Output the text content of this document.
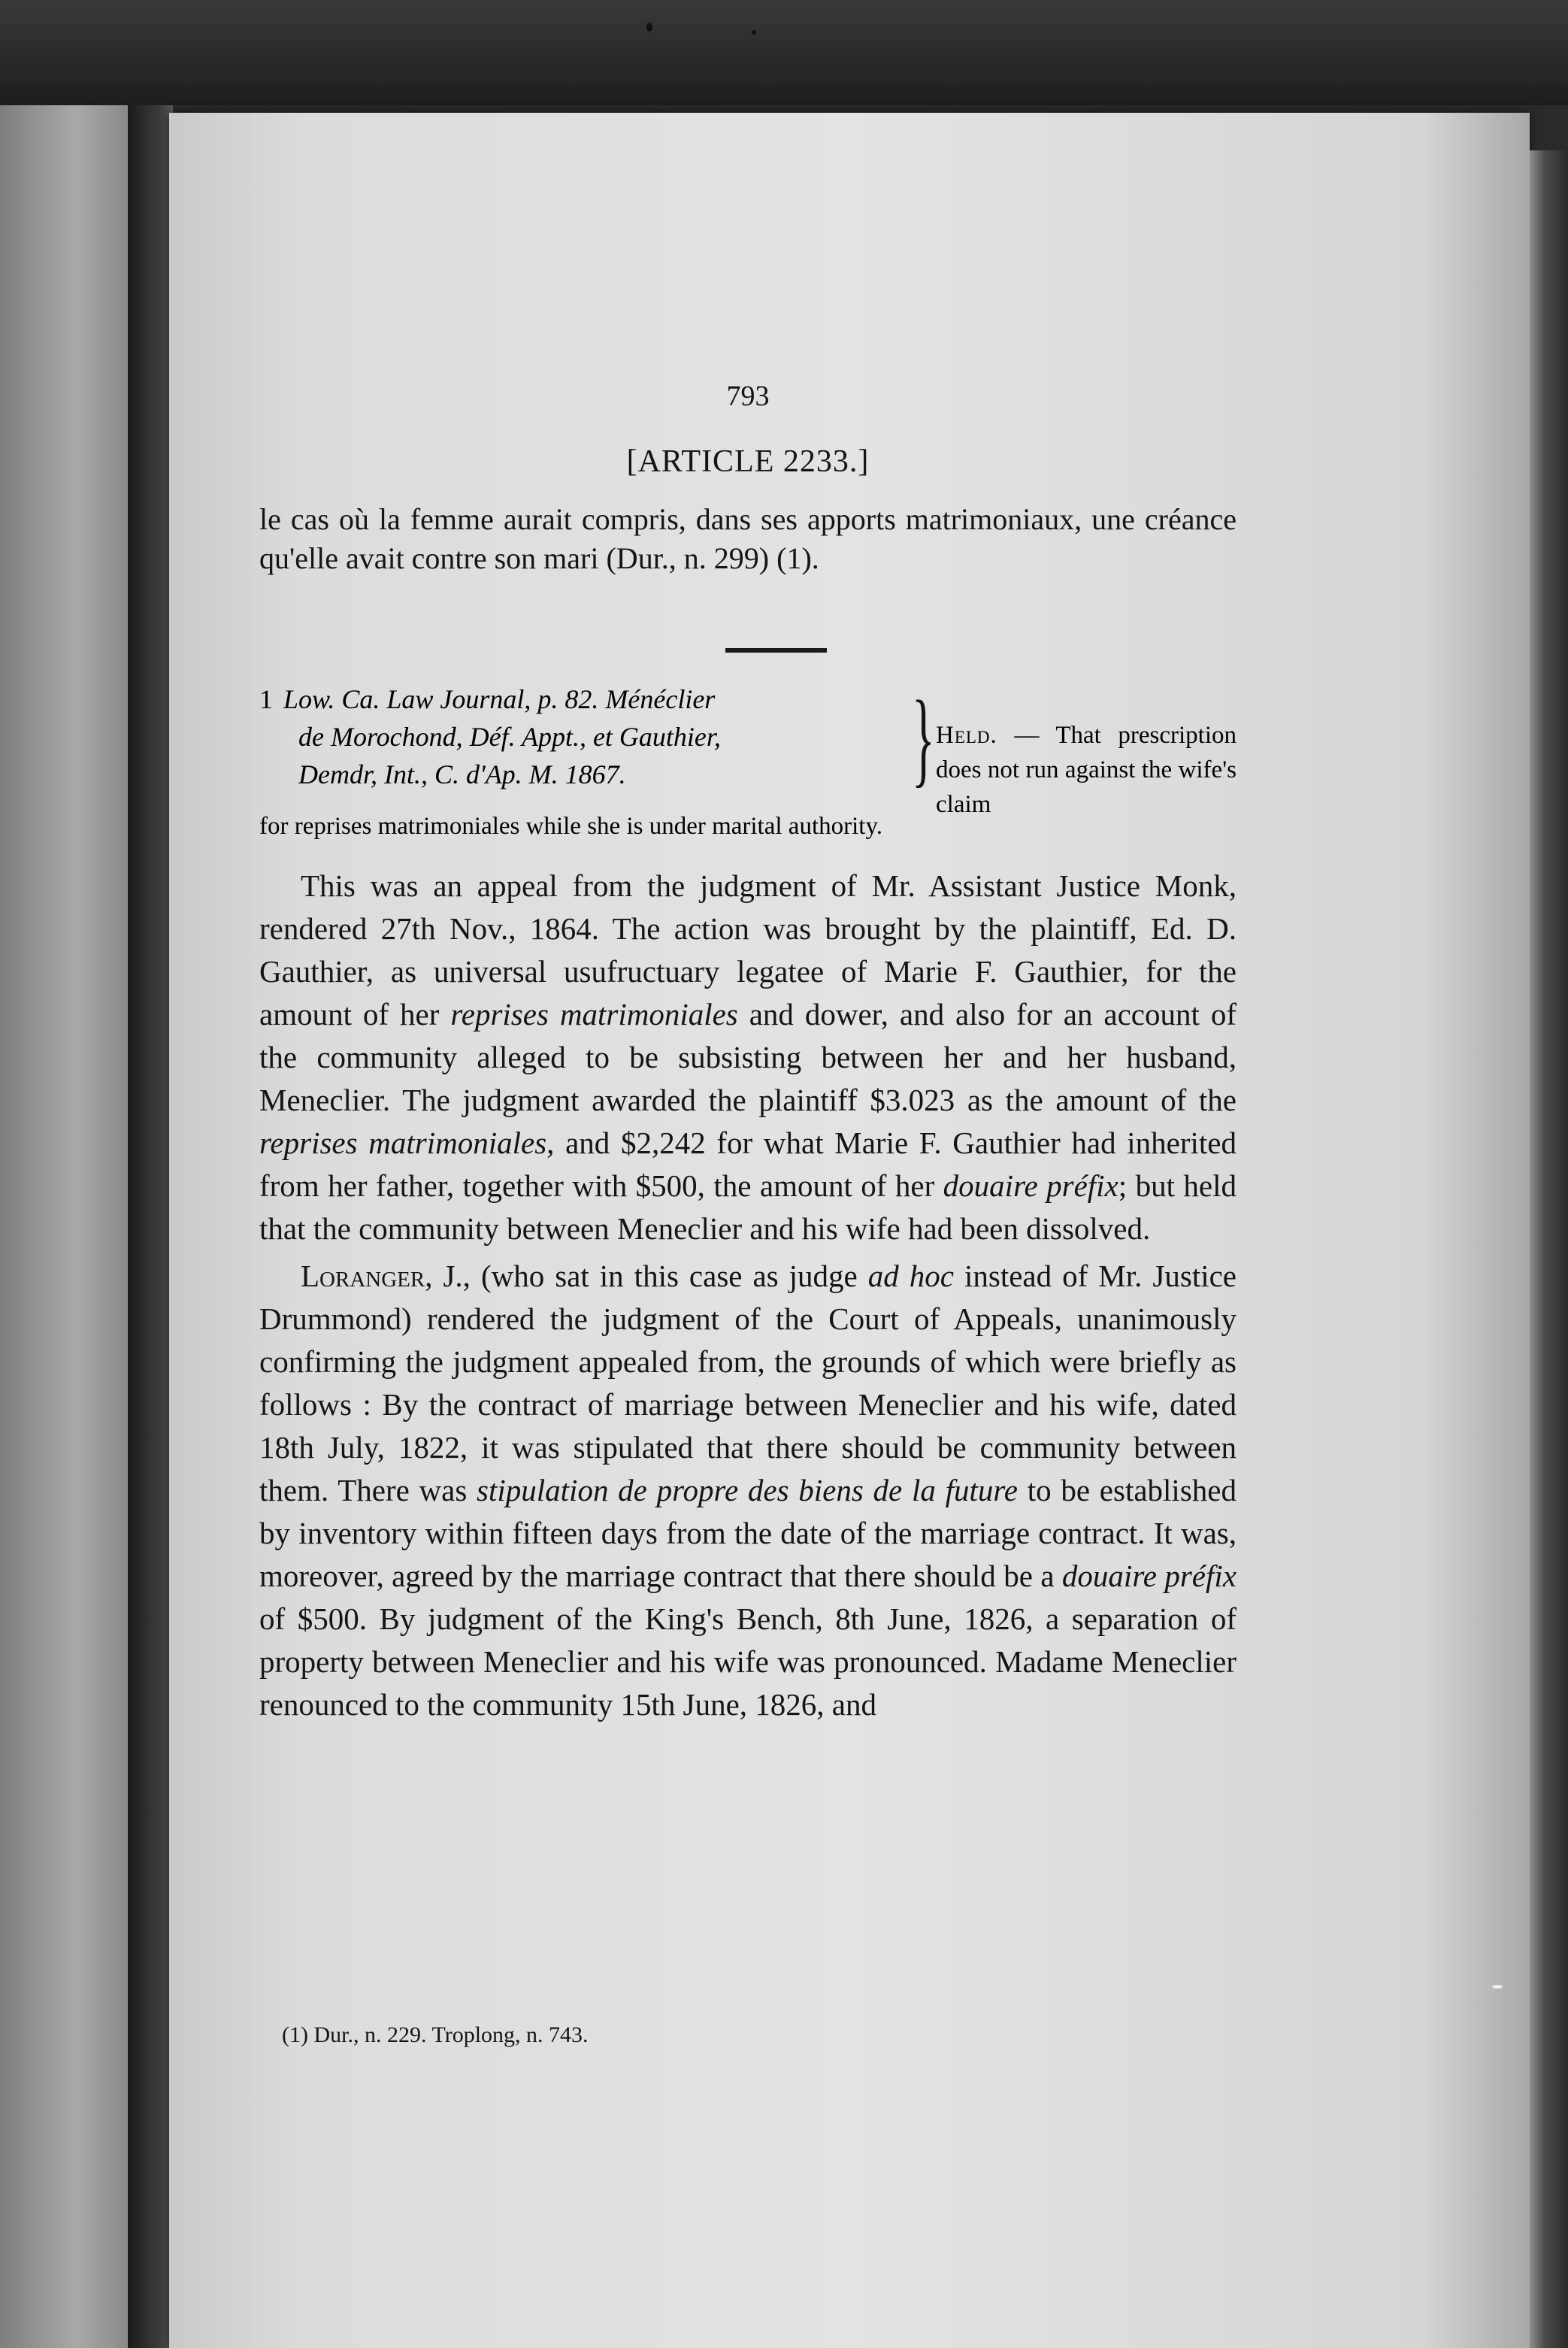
793
[ARTICLE 2233.]
le cas où la femme aurait compris, dans ses apports matrimoniaux, une créance qu'elle avait contre son mari (Dur., n. 299) (1).
1 Low. Ca. Law Journal, p. 82. Ménéclier
de Morochond, Déf. Appt., et Gauthier,
Demdr, Int., C. d'Ap. M. 1867.	} Held. — That prescription does not run against the wife's claim
for reprises matrimoniales while she is under marital authority.

This was an appeal from the judgment of Mr. Assistant Justice Monk, rendered 27th Nov., 1864. The action was brought by the plaintiff, Ed. D. Gauthier, as universal usufructuary legatee of Marie F. Gauthier, for the amount of her reprises matrimoniales and dower, and also for an account of the community alleged to be subsisting between her and her husband, Meneclier. The judgment awarded the plaintiff $3.023 as the amount of the reprises matrimoniales, and $2,242 for what Marie F. Gauthier had inherited from her father, together with $500, the amount of her douaire préfix; but held that the community between Meneclier and his wife had been dissolved.

Loranger, J., (who sat in this case as judge ad hoc instead of Mr. Justice Drummond) rendered the judgment of the Court of Appeals, unanimously confirming the judgment appealed from, the grounds of which were briefly as follows : By the contract of marriage between Meneclier and his wife, dated 18th July, 1822, it was stipulated that there should be community between them. There was stipulation de propre des biens de la future to be established by inventory within fifteen days from the date of the marriage contract. It was, moreover, agreed by the marriage contract that there should be a douaire préfix of $500. By judgment of the King's Bench, 8th June, 1826, a separation of property between Meneclier and his wife was pronounced. Madame Meneclier renounced to the community 15th June, 1826, and

(1) Dur., n. 229. Troplong, n. 743.
